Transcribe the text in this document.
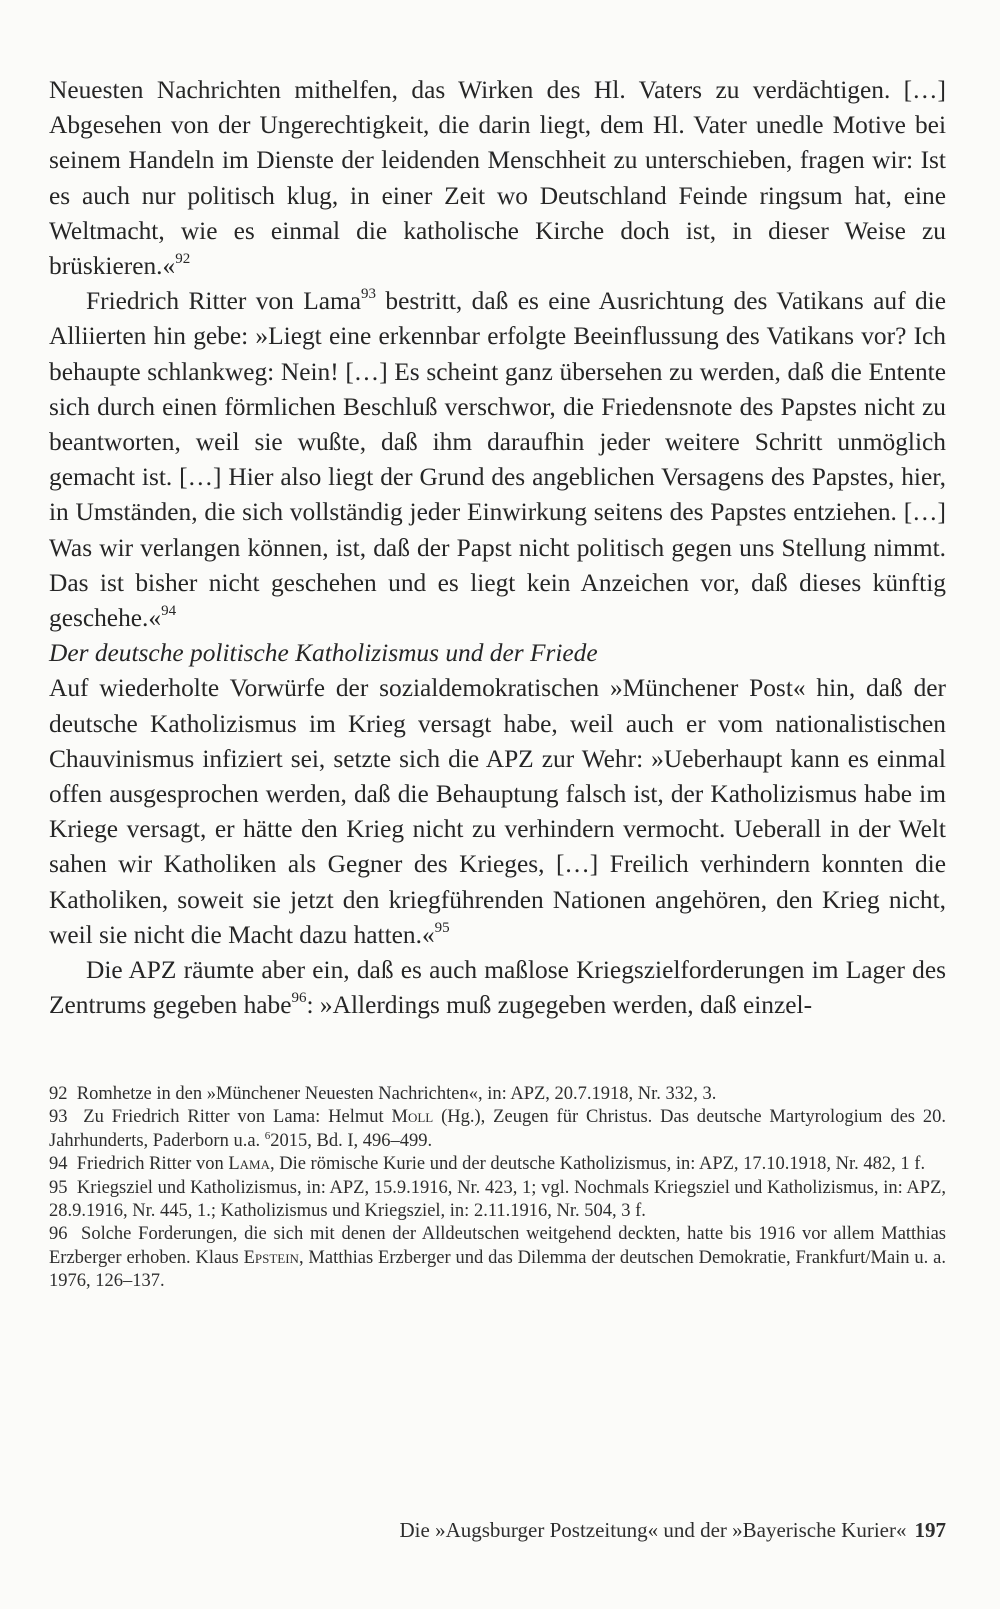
Neuesten Nachrichten mithelfen, das Wirken des Hl. Vaters zu verdächtigen. […] Abgesehen von der Ungerechtigkeit, die darin liegt, dem Hl. Vater unedle Motive bei seinem Handeln im Dienste der leidenden Menschheit zu unterschieben, fragen wir: Ist es auch nur politisch klug, in einer Zeit wo Deutschland Feinde ringsum hat, eine Weltmacht, wie es einmal die katholische Kirche doch ist, in dieser Weise zu brüskieren.«$^{92}$

Friedrich Ritter von Lama$^{93}$ bestritt, daß es eine Ausrichtung des Vatikans auf die Alliierten hin gebe: »Liegt eine erkennbar erfolgte Beeinflussung des Vatikans vor? Ich behaupte schlankweg: Nein! […] Es scheint ganz übersehen zu werden, daß die Entente sich durch einen förmlichen Beschluß verschwor, die Friedensnote des Papstes nicht zu beantworten, weil sie wußte, daß ihm daraufhin jeder weitere Schritt unmöglich gemacht ist. […] Hier also liegt der Grund des angeblichen Versagens des Papstes, hier, in Umständen, die sich vollständig jeder Einwirkung seitens des Papstes entziehen. […] Was wir verlangen können, ist, daß der Papst nicht politisch gegen uns Stellung nimmt. Das ist bisher nicht geschehen und es liegt kein Anzeichen vor, daß dieses künftig geschehe.«$^{94}$

Der deutsche politische Katholizismus und der Friede

Auf wiederholte Vorwürfe der sozialdemokratischen »Münchener Post« hin, daß der deutsche Katholizismus im Krieg versagt habe, weil auch er vom nationalistischen Chauvinismus infiziert sei, setzte sich die APZ zur Wehr: »Ueberhaupt kann es einmal offen ausgesprochen werden, daß die Behauptung falsch ist, der Katholizismus habe im Kriege versagt, er hätte den Krieg nicht zu verhindern vermocht. Ueberall in der Welt sahen wir Katholiken als Gegner des Krieges, […] Freilich verhindern konnten die Katholiken, soweit sie jetzt den kriegführenden Nationen angehören, den Krieg nicht, weil sie nicht die Macht dazu hatten.«$^{95}$

Die APZ räumte aber ein, daß es auch maßlose Kriegszielforderungen im Lager des Zentrums gegeben habe$^{96}$: »Allerdings muß zugegeben werden, daß einzel-

92 Romhetze in den »Münchener Neuesten Nachrichten«, in: APZ, 20.7.1918, Nr. 332, 3.

93 Zu Friedrich Ritter von Lama: Helmut Moll (Hg.), Zeugen für Christus. Das deutsche Martyrologium des 20. Jahrhunderts, Paderborn u.a. $^6$2015, Bd. I, 496–499.

94 Friedrich Ritter von Lama, Die römische Kurie und der deutsche Katholizismus, in: APZ, 17.10.1918, Nr. 482, 1 f.

95 Kriegsziel und Katholizismus, in: APZ, 15.9.1916, Nr. 423, 1; vgl. Nochmals Kriegsziel und Katholizismus, in: APZ, 28.9.1916, Nr. 445, 1.; Katholizismus und Kriegsziel, in: 2.11.1916, Nr. 504, 3 f.

96 Solche Forderungen, die sich mit denen der Alldeutschen weitgehend deckten, hatte bis 1916 vor allem Matthias Erzberger erhoben. Klaus Epstein, Matthias Erzberger und das Dilemma der deutschen Demokratie, Frankfurt/Main u. a. 1976, 126–137.

Die »Augsburger Postzeitung« und der »Bayerische Kurier« 197
